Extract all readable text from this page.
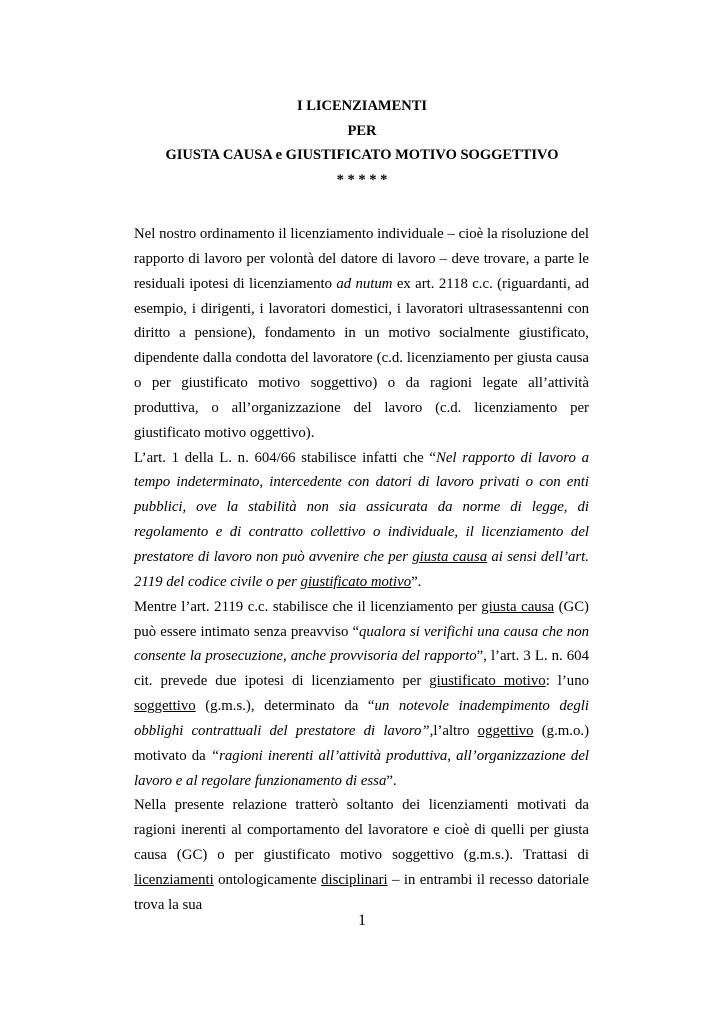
I LICENZIAMENTI
PER
GIUSTA CAUSA e GIUSTIFICATO MOTIVO SOGGETTIVO
* * * * *

Nel nostro ordinamento il licenziamento individuale – cioè la risoluzione del rapporto di lavoro per volontà del datore di lavoro – deve trovare, a parte le residuali ipotesi di licenziamento ad nutum ex art. 2118 c.c. (riguardanti, ad esempio, i dirigenti, i lavoratori domestici, i lavoratori ultrasessantenni con diritto a pensione), fondamento in un motivo socialmente giustificato, dipendente dalla condotta del lavoratore (c.d. licenziamento per giusta causa o per giustificato motivo soggettivo) o da ragioni legate all’attività produttiva, o all’organizzazione del lavoro (c.d. licenziamento per giustificato motivo oggettivo).

L’art. 1 della L. n. 604/66 stabilisce infatti che “Nel rapporto di lavoro a tempo indeterminato, intercedente con datori di lavoro privati o con enti pubblici, ove la stabilità non sia assicurata da norme di legge, di regolamento e di contratto collettivo o individuale, il licenziamento del prestatore di lavoro non può avvenire che per giusta causa ai sensi dell’art. 2119 del codice civile o per giustificato motivo”.

Mentre l’art. 2119 c.c. stabilisce che il licenziamento per giusta causa (GC) può essere intimato senza preavviso “qualora si verifichi una causa che non consente la prosecuzione, anche provvisoria del rapporto”, l’art. 3 L. n. 604 cit. prevede due ipotesi di licenziamento per giustificato motivo: l’uno soggettivo (g.m.s.), determinato da “un notevole inadempimento degli obblighi contrattuali del prestatore di lavoro”,l’altro oggettivo (g.m.o.) motivato da “ragioni inerenti all’attività produttiva, all’organizzazione del lavoro e al regolare funzionamento di essa”.

Nella presente relazione tratterò soltanto dei licenziamenti motivati da ragioni inerenti al comportamento del lavoratore e cioè di quelli per giusta causa (GC) o per giustificato motivo soggettivo (g.m.s.). Trattasi di licenziamenti ontologicamente disciplinari – in entrambi il recesso datoriale trova la sua

1
